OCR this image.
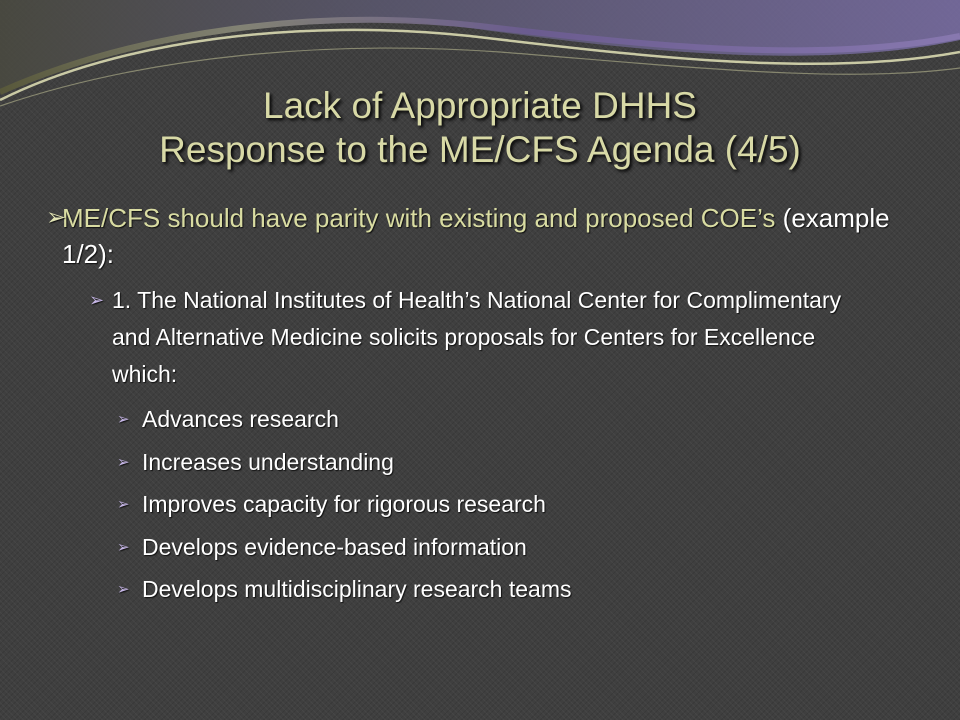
Lack of Appropriate DHHS
Response to the ME/CFS Agenda (4/5)
➢
ME/CFS should have parity with existing and proposed COE’s (example 1/2):
➢ 1. The National Institutes of Health’s National Center for Complimentary and Alternative Medicine solicits proposals for Centers for Excellence which:
➢ Advances research
➢ Increases understanding
➢ Improves capacity for rigorous research
➢ Develops evidence-based information
➢ Develops multidisciplinary research teams
